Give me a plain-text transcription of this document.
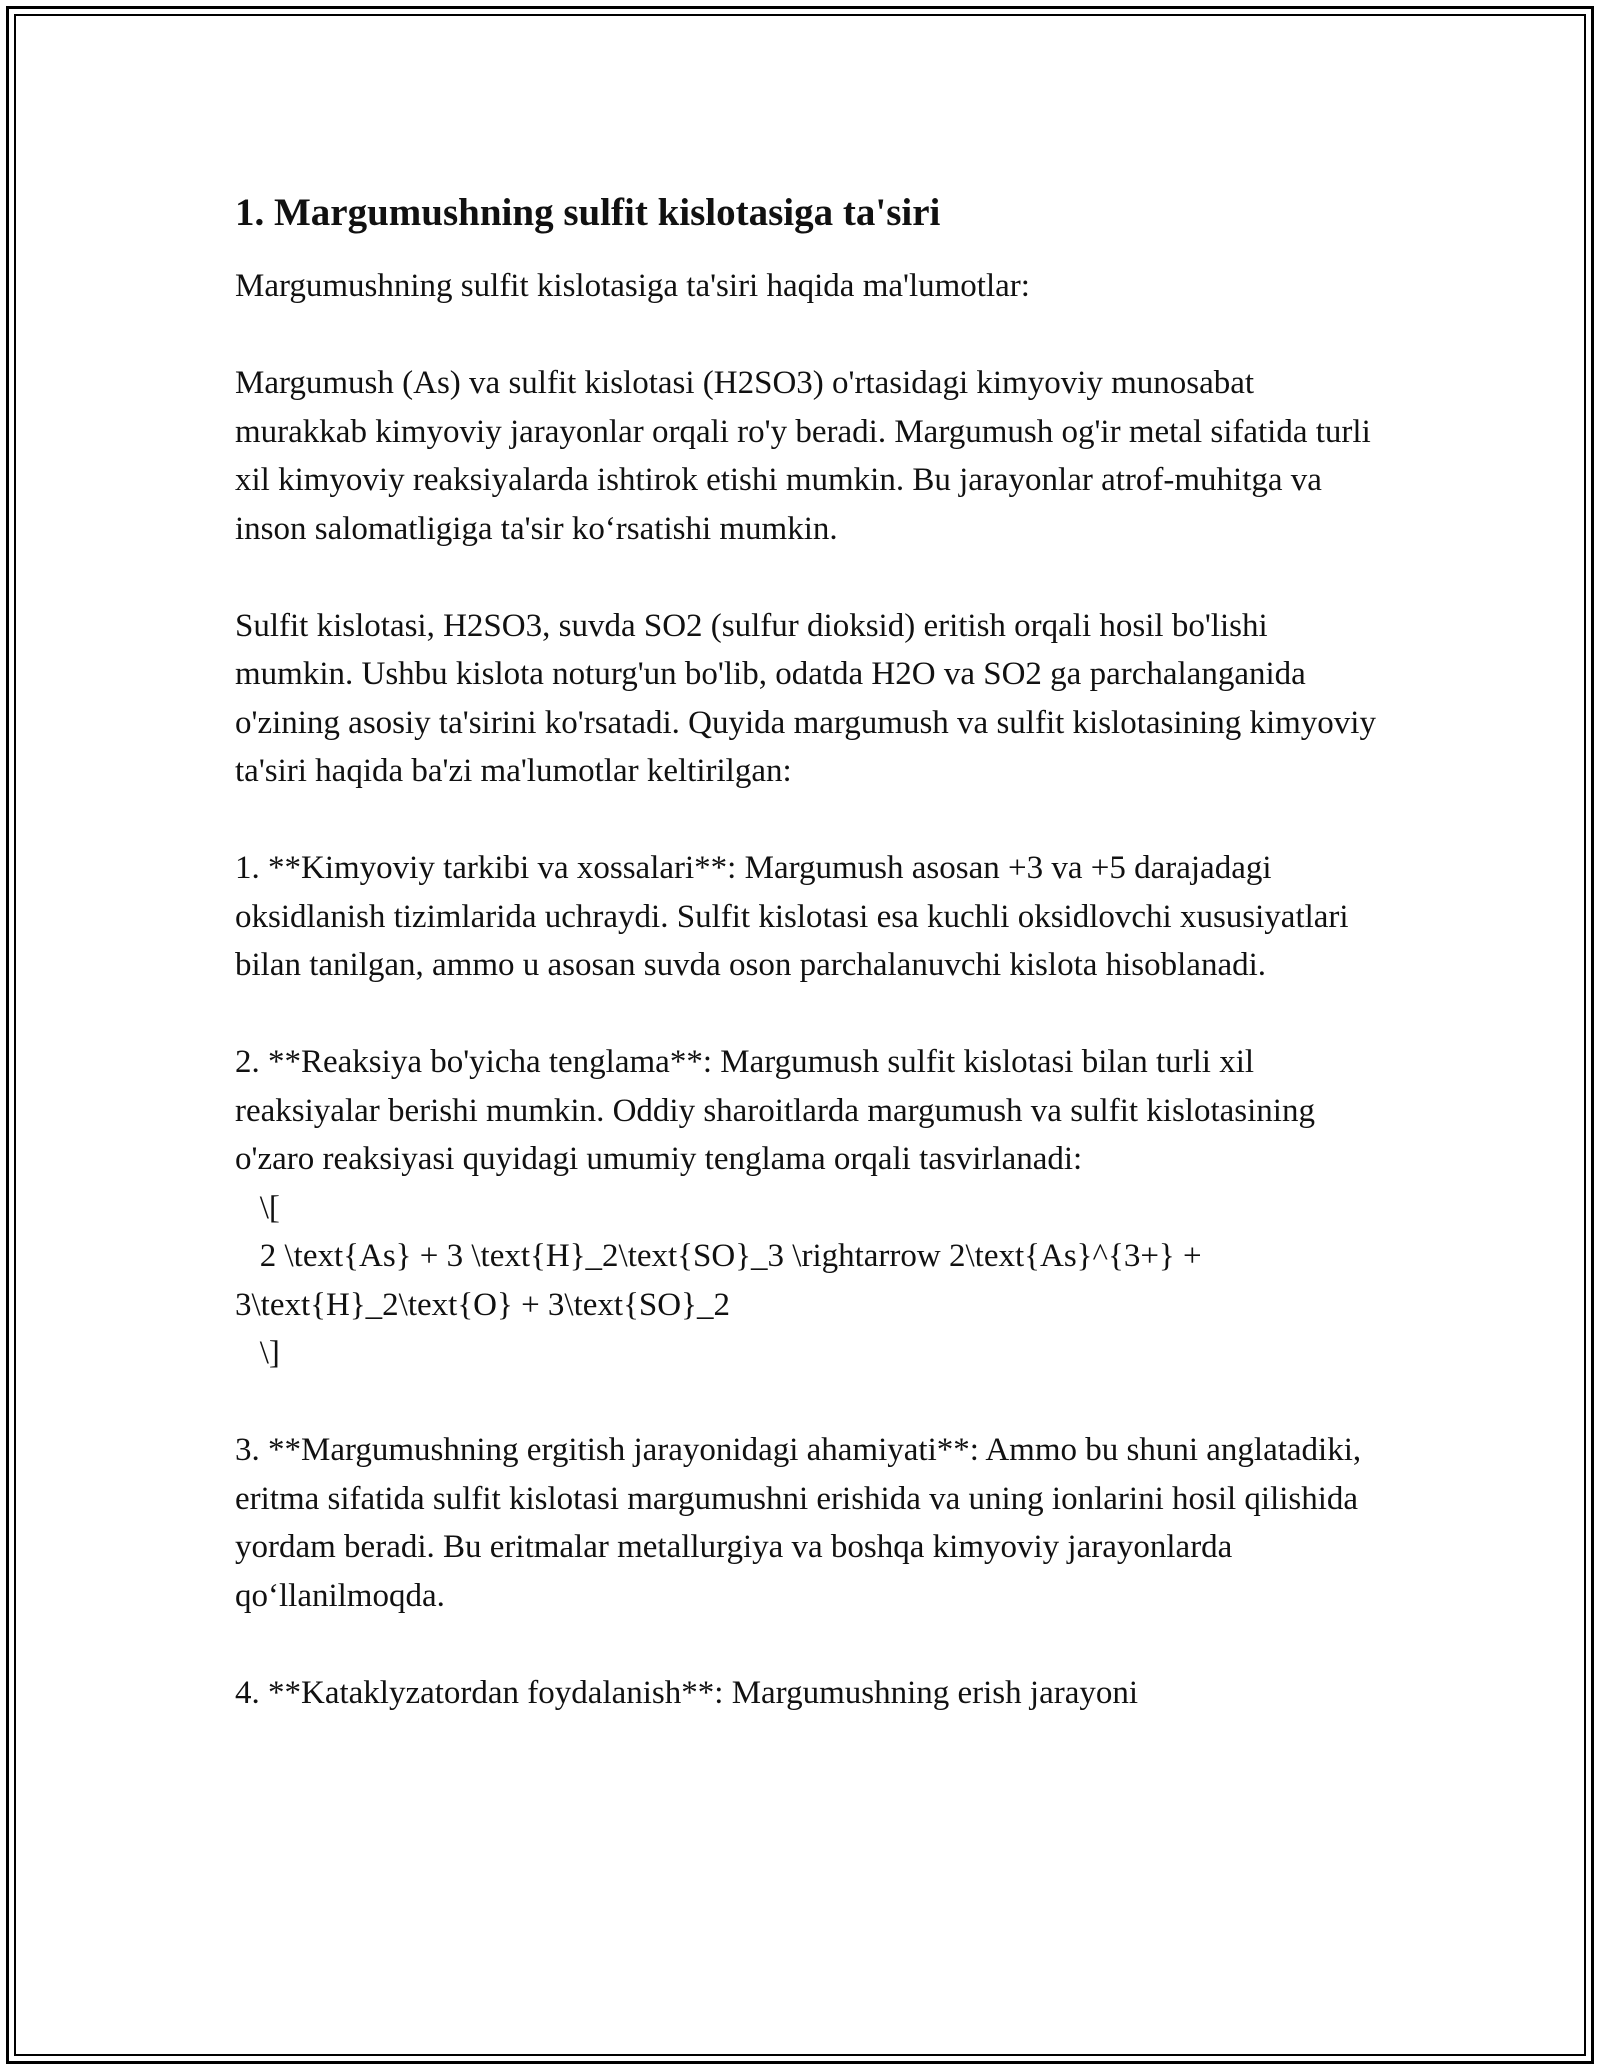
1. Margumushning sulfit kislotasiga ta'siri

Margumushning sulfit kislotasiga ta'siri haqida ma'lumotlar:

Margumush (As) va sulfit kislotasi (H2SO3) o'rtasidagi kimyoviy munosabat murakkab kimyoviy jarayonlar orqali ro'y beradi. Margumush og'ir metal sifatida turli xil kimyoviy reaksiyalarda ishtirok etishi mumkin. Bu jarayonlar atrof-muhitga va inson salomatligiga ta'sir ko‘rsatishi mumkin.

Sulfit kislotasi, H2SO3, suvda SO2 (sulfur dioksid) eritish orqali hosil bo'lishi mumkin. Ushbu kislota noturg'un bo'lib, odatda H2O va SO2 ga parchalanganida o'zining asosiy ta'sirini ko'rsatadi. Quyida margumush va sulfit kislotasining kimyoviy ta'siri haqida ba'zi ma'lumotlar keltirilgan:

1. **Kimyoviy tarkibi va xossalari**: Margumush asosan +3 va +5 darajadagi oksidlanish tizimlarida uchraydi. Sulfit kislotasi esa kuchli oksidlovchi xususiyatlari bilan tanilgan, ammo u asosan suvda oson parchalanuvchi kislota hisoblanadi.

2. **Reaksiya bo'yicha tenglama**: Margumush sulfit kislotasi bilan turli xil reaksiyalar berishi mumkin. Oddiy sharoitlarda margumush va sulfit kislotasining o'zaro reaksiyasi quyidagi umumiy tenglama orqali tasvirlanadi:

\[

2 \text{As} + 3 \text{H}_2\text{SO}_3 \rightarrow 2\text{As}^{3+} + 3\text{H}_2\text{O} + 3\text{SO}_2

\]

3. **Margumushning ergitish jarayonidagi ahamiyati**: Ammo bu shuni anglatadiki, eritma sifatida sulfit kislotasi margumushni erishida va uning ionlarini hosil qilishida yordam beradi. Bu eritmalar metallurgiya va boshqa kimyoviy jarayonlarda qo‘llanilmoqda.

4. **Kataklyzatordan foydalanish**: Margumushning erish jarayoni
